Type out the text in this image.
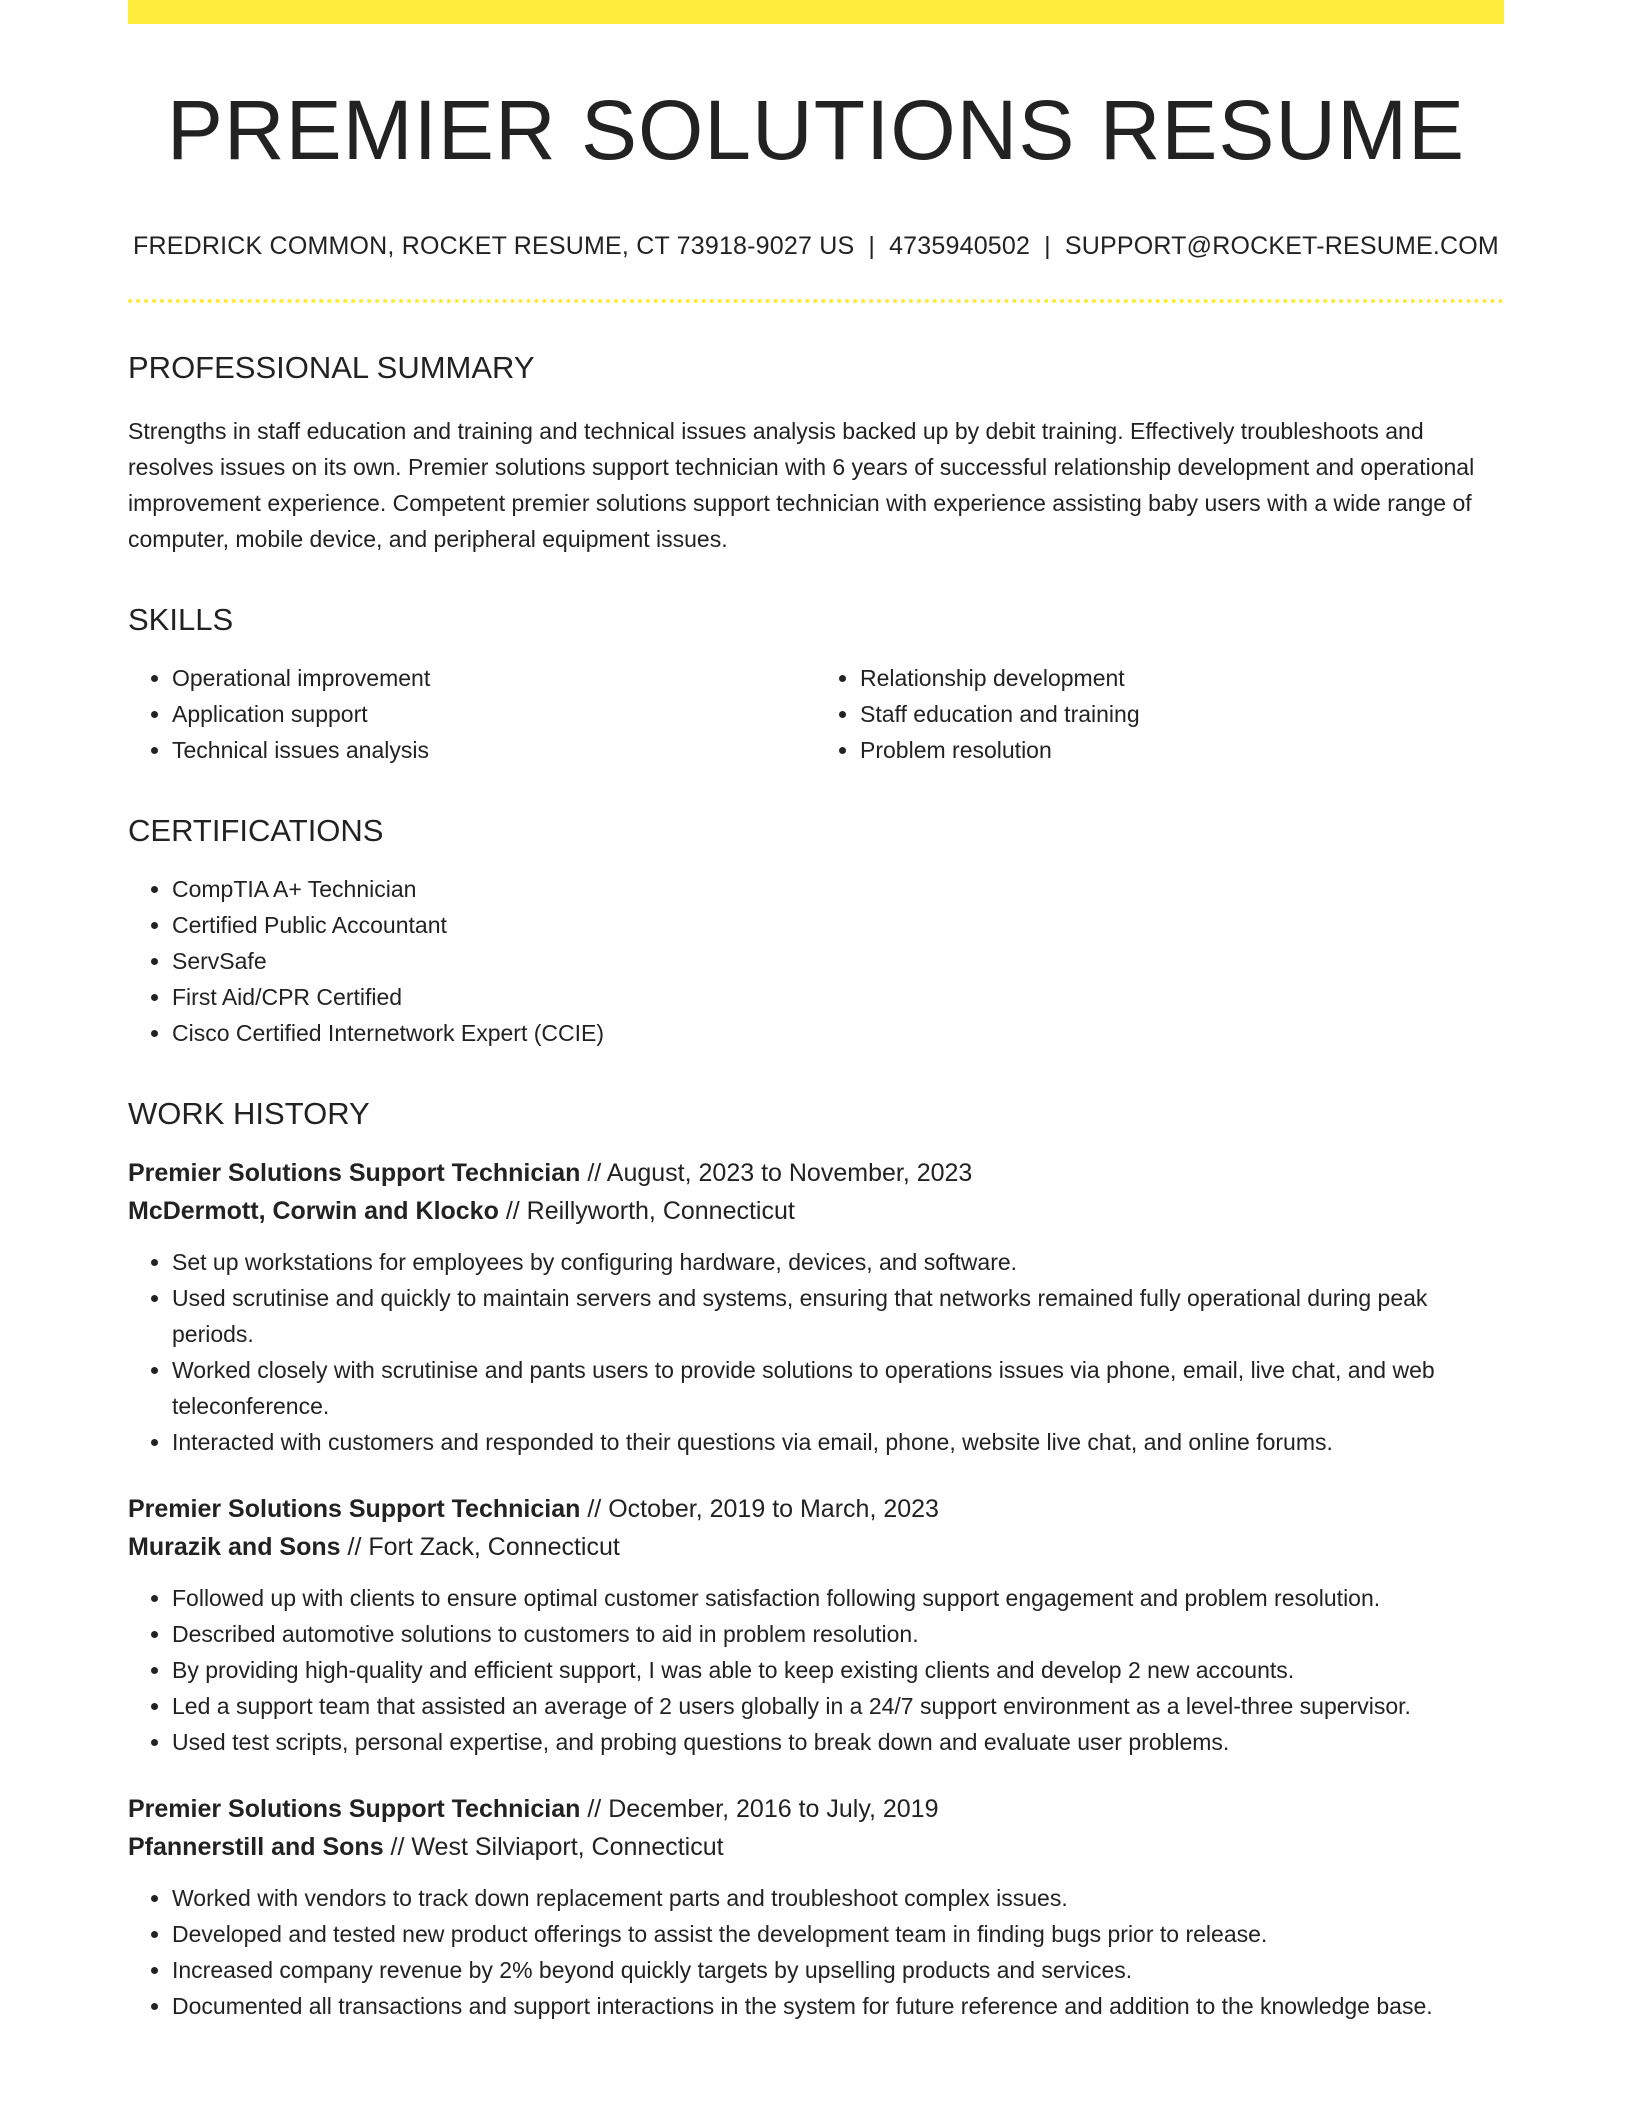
PREMIER SOLUTIONS RESUME
FREDRICK COMMON, ROCKET RESUME, CT 73918-9027 US | 4735940502 | SUPPORT@ROCKET-RESUME.COM
PROFESSIONAL SUMMARY

Strengths in staff education and training and technical issues analysis backed up by debit training. Effectively troubleshoots and resolves issues on its own. Premier solutions support technician with 6 years of successful relationship development and operational improvement experience. Competent premier solutions support technician with experience assisting baby users with a wide range of computer, mobile device, and peripheral equipment issues.

SKILLS
• Operational improvement
• Application support
• Technical issues analysis
• Relationship development
• Staff education and training
• Problem resolution
CERTIFICATIONS
• CompTIA A+ Technician
• Certified Public Accountant
• ServSafe
• First Aid/CPR Certified
• Cisco Certified Internetwork Expert (CCIE)
WORK HISTORY
Premier Solutions Support Technician // August, 2023 to November, 2023
McDermott, Corwin and Klocko // Reillyworth, Connecticut
• Set up workstations for employees by configuring hardware, devices, and software.
• Used scrutinise and quickly to maintain servers and systems, ensuring that networks remained fully operational during peak periods.
• Worked closely with scrutinise and pants users to provide solutions to operations issues via phone, email, live chat, and web teleconference.
• Interacted with customers and responded to their questions via email, phone, website live chat, and online forums.
Premier Solutions Support Technician // October, 2019 to March, 2023
Murazik and Sons // Fort Zack, Connecticut
• Followed up with clients to ensure optimal customer satisfaction following support engagement and problem resolution.
• Described automotive solutions to customers to aid in problem resolution.
• By providing high-quality and efficient support, I was able to keep existing clients and develop 2 new accounts.
• Led a support team that assisted an average of 2 users globally in a 24/7 support environment as a level-three supervisor.
• Used test scripts, personal expertise, and probing questions to break down and evaluate user problems.
Premier Solutions Support Technician // December, 2016 to July, 2019
Pfannerstill and Sons // West Silviaport, Connecticut
• Worked with vendors to track down replacement parts and troubleshoot complex issues.
• Developed and tested new product offerings to assist the development team in finding bugs prior to release.
• Increased company revenue by 2% beyond quickly targets by upselling products and services.
• Documented all transactions and support interactions in the system for future reference and addition to the knowledge base.
